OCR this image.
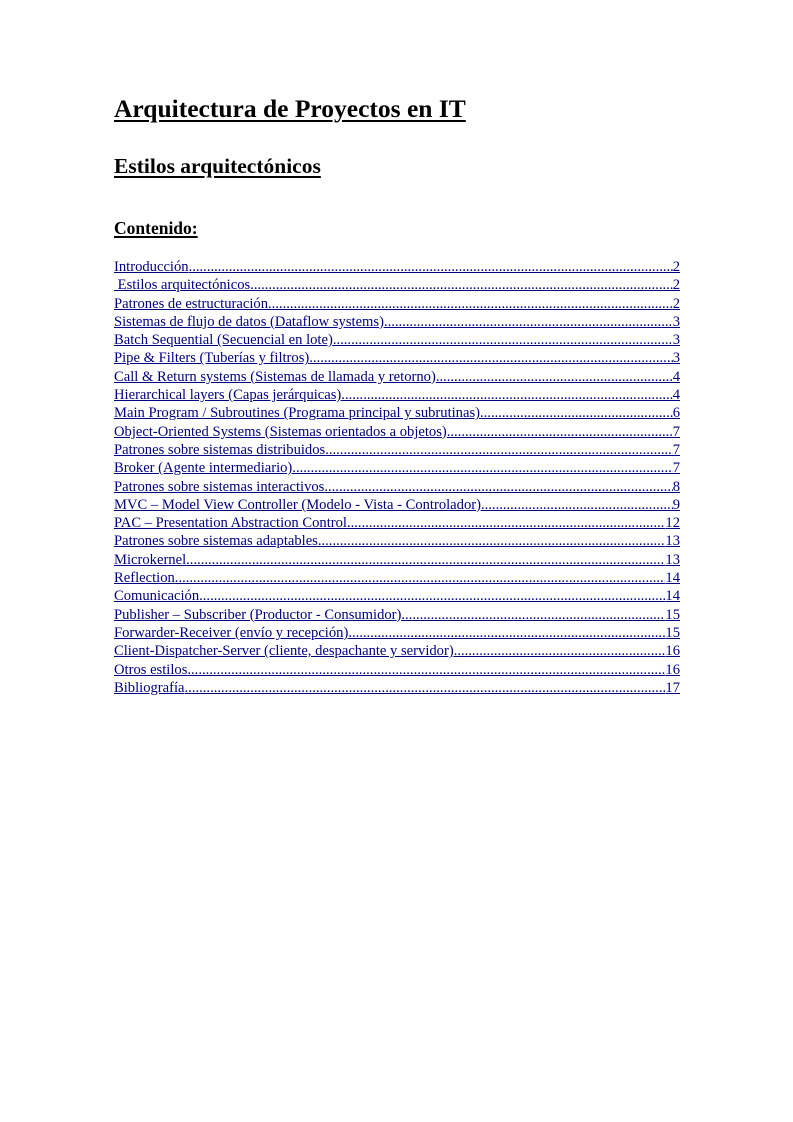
Arquitectura de Proyectos en IT
Estilos arquitectónicos
Contenido:
Introducción .....	2
Estilos arquitectónicos .....	2
Patrones de estructuración .....	2
Sistemas de flujo de datos (Dataflow systems) .....	3
Batch Sequential (Secuencial en lote) .....	3
Pipe & Filters (Tuberías y filtros) .....	3
Call & Return systems (Sistemas de llamada y retorno) .....	4
Hierarchical layers (Capas jerárquicas) .....	4
Main Program / Subroutines (Programa principal y subrutinas) .....	6
Object-Oriented Systems (Sistemas orientados a objetos) .....	7
Patrones sobre sistemas distribuidos .....	7
Broker (Agente intermediario) .....	7
Patrones sobre sistemas interactivos .....	8
MVC – Model View Controller (Modelo - Vista - Controlador) .....	9
PAC – Presentation Abstraction Control .....	12
Patrones sobre sistemas adaptables .....	13
Microkernel .....	13
Reflection .....	14
Comunicación .....	14
Publisher – Subscriber (Productor - Consumidor) .....	15
Forwarder-Receiver (envío y recepción) .....	15
Client-Dispatcher-Server (cliente, despachante y servidor) .....	16
Otros estilos .....	16
Bibliografía .....	17
